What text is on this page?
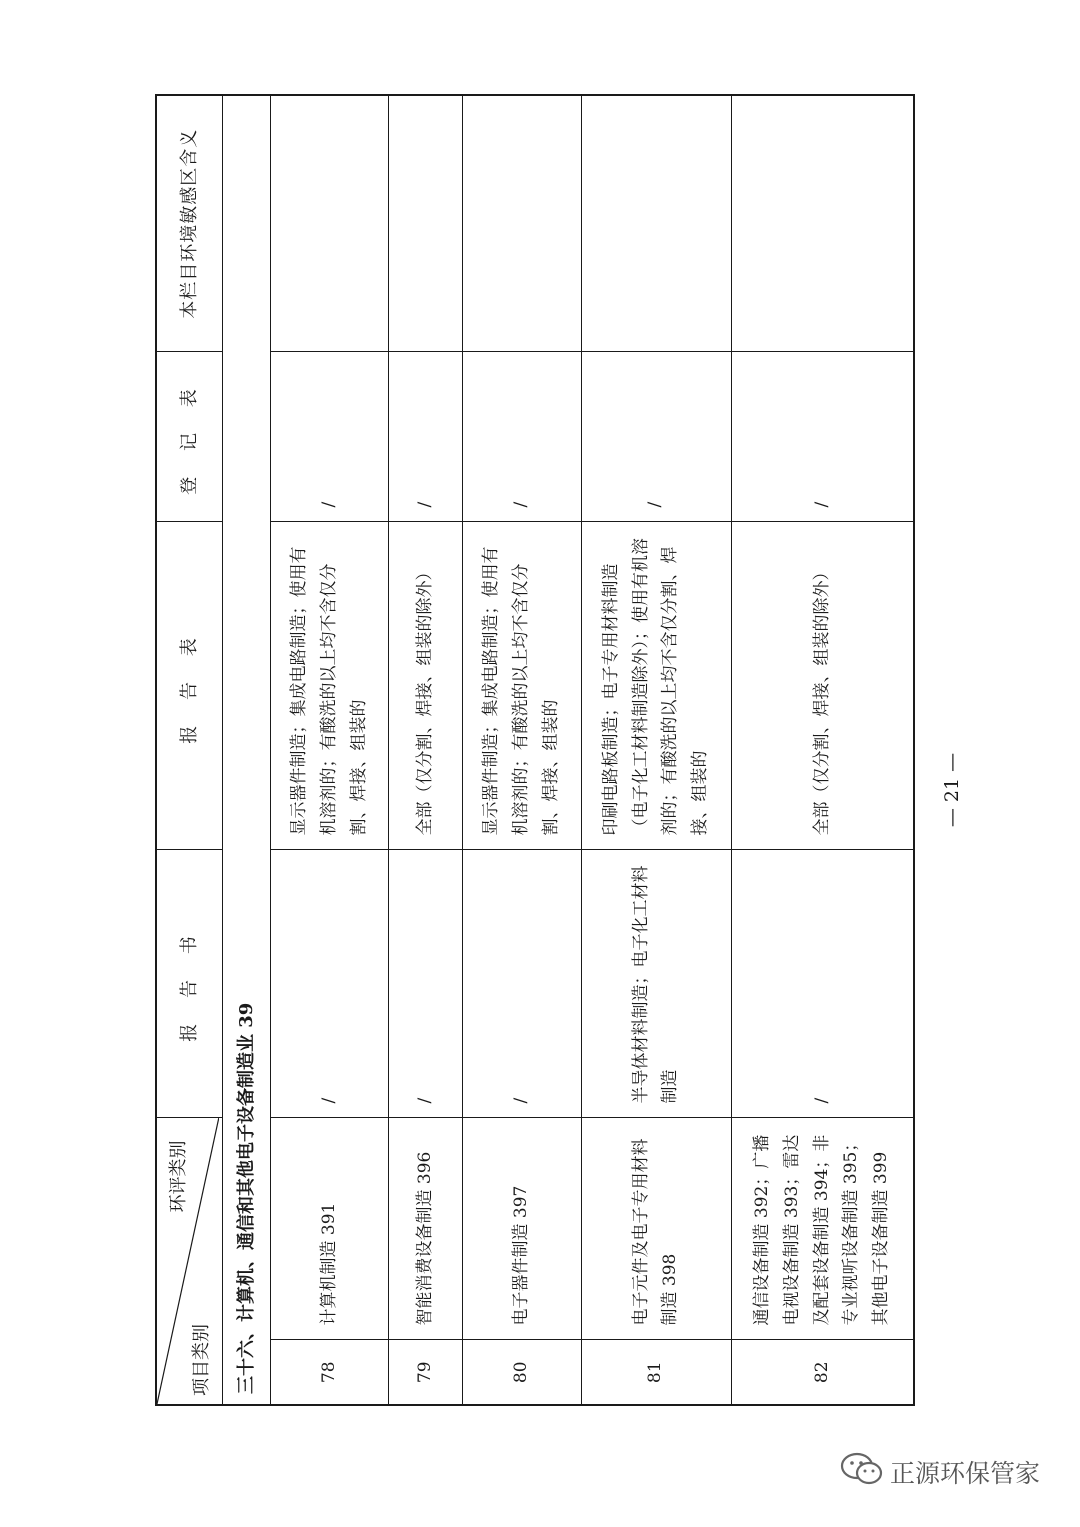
环评类别
项目类别		报 告 书	报 告 表	登 记 表	本栏目环境敏感区含义
三十六、计算机、通信和其他电子设备制造业 39					
78	计算机制造 391	/	显示器件制造；集成电路制造；使用有机溶剂的；有酸洗的以上均不含仅分割、焊接、组装的	/	
79	智能消费设备制造 396	/	全部（仅分割、焊接、组装的除外）	/	
80	电子器件制造 397	/	显示器件制造；集成电路制造；使用有机溶剂的；有酸洗的以上均不含仅分割、焊接、组装的	/	
81	电子元件及电子专用材料制造 398	半导体材料制造；电子化工材料制造	印刷电路板制造；电子专用材料制造（电子化工材料制造除外）；使用有机溶剂的；有酸洗的以上均不含仅分割、焊接、组装的	/	
82	通信设备制造 392；广播电视设备制造 393；雷达及配套设备制造 394；非专业视听设备制造 395；其他电子设备制造 399	/	全部（仅分割、焊接、组装的除外）	/	
— 21 —
正源环保管家
